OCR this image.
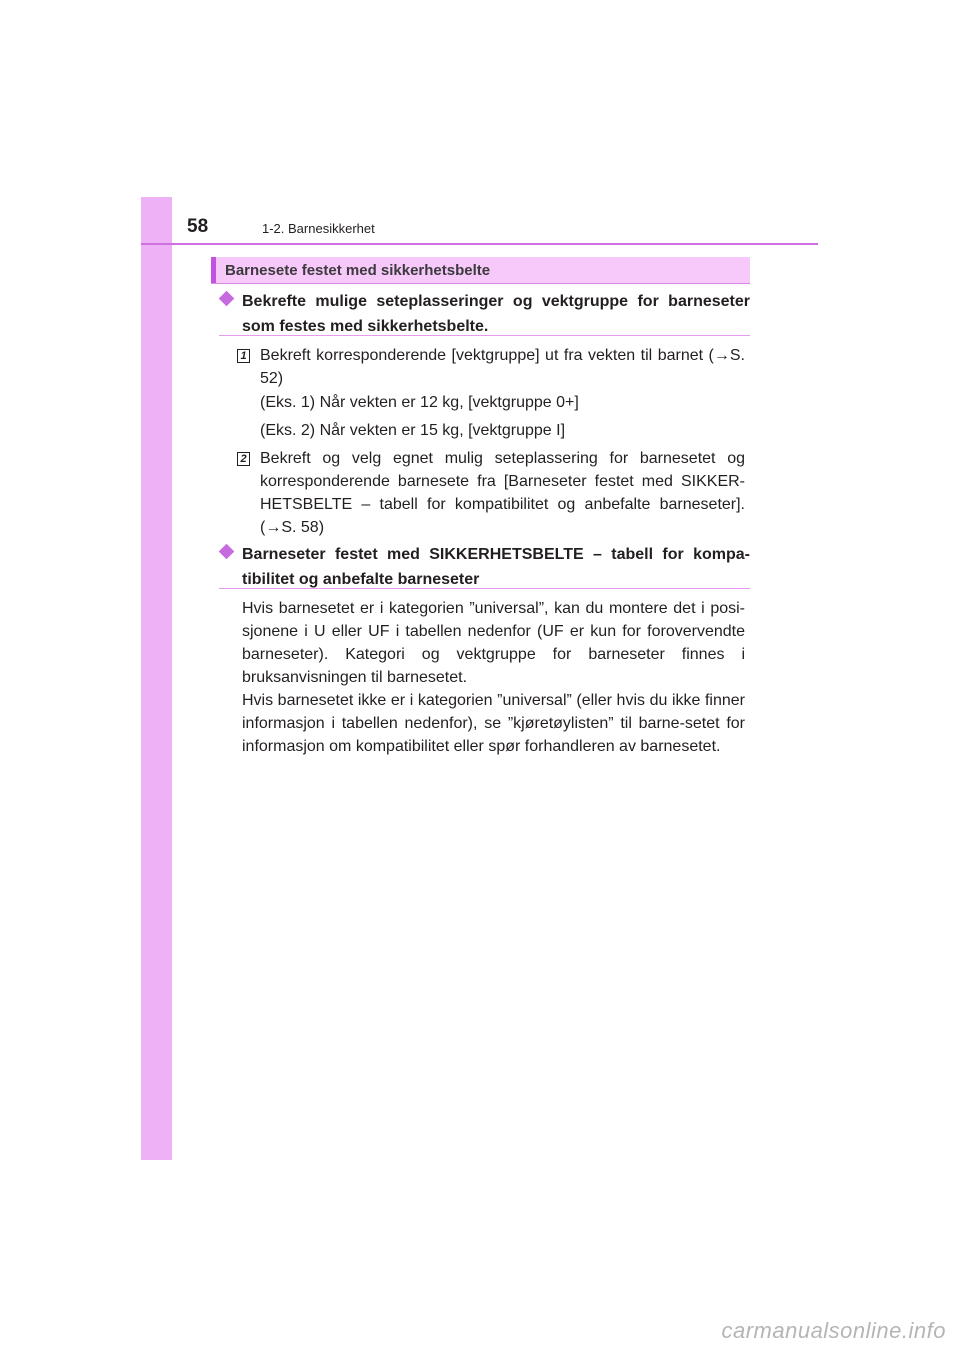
58	1-2. Barnesikkerhet
Barnesete festet med sikkerhetsbelte
Bekrefte mulige seteplasseringer og vektgruppe for barneseter som festes med sikkerhetsbelte.
1 Bekreft korresponderende [vektgruppe] ut fra vekten til barnet (→S. 52)
(Eks. 1) Når vekten er 12 kg, [vektgruppe 0+]
(Eks. 2) Når vekten er 15 kg, [vektgruppe I]
2 Bekreft og velg egnet mulig seteplassering for barnesetet og korresponderende barnesete fra [Barneseter festet med SIKKER-HETSBELTE – tabell for kompatibilitet og anbefalte barneseter]. (→S. 58)
Barneseter festet med SIKKERHETSBELTE – tabell for kompa-tibilitet og anbefalte barneseter

Hvis barnesetet er i kategorien ”universal”, kan du montere det i posi-sjonene i U eller UF i tabellen nedenfor (UF er kun for forovervendte barneseter). Kategori og vektgruppe for barneseter finnes i bruksanvisningen til barnesetet.

Hvis barnesetet ikke er i kategorien ”universal” (eller hvis du ikke finner informasjon i tabellen nedenfor), se ”kjøretøylisten” til barne-setet for informasjon om kompatibilitet eller spør forhandleren av barnesetet.

carmanualsonline.info
